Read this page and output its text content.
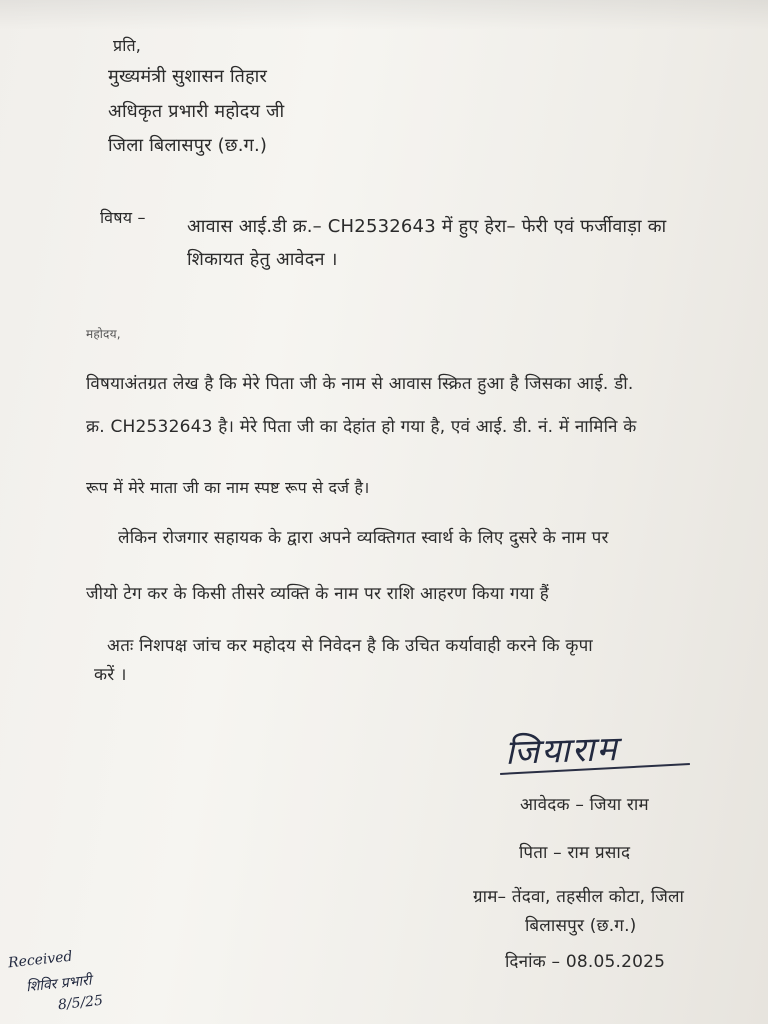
प्रति,
मुख्यमंत्री सुशासन तिहार
अधिकृत प्रभारी महोदय जी
जिला बिलासपुर (छ.ग.)
विषय – आवास आई.डी क्र.– CH2532643 में हुए हेरा– फेरी एवं फर्जीवाड़ा का
शिकायत हेतु आवेदन ।
महोदय,
विषयाअंतग्रत लेख है कि मेरे पिता जी के नाम से आवास स्क्रित हुआ है जिसका आई. डी.
क्र. CH2532643 है। मेरे पिता जी का देहांत हो गया है, एवं आई. डी. नं. में नामिनि के
रूप में मेरे माता जी का नाम स्पष्ट रूप से दर्ज है।
लेकिन रोजगार सहायक के द्वारा अपने व्यक्तिगत स्वार्थ के लिए दुसरे के नाम पर
जीयो टेग कर के किसी तीसरे व्यक्ति के नाम पर राशि आहरण किया गया हैं
अतः निशपक्ष जांच कर महोदय से निवेदन है कि उचित कर्यावाही करने कि कृपा
करें ।
जियाराम
आवेदक – जिया राम
पिता – राम प्रसाद
ग्राम– तेंदवा, तहसील कोटा, जिला
बिलासपुर (छ.ग.)
दिनांक – 08.05.2025
Received
शिविर प्रभारी
8/5/25
